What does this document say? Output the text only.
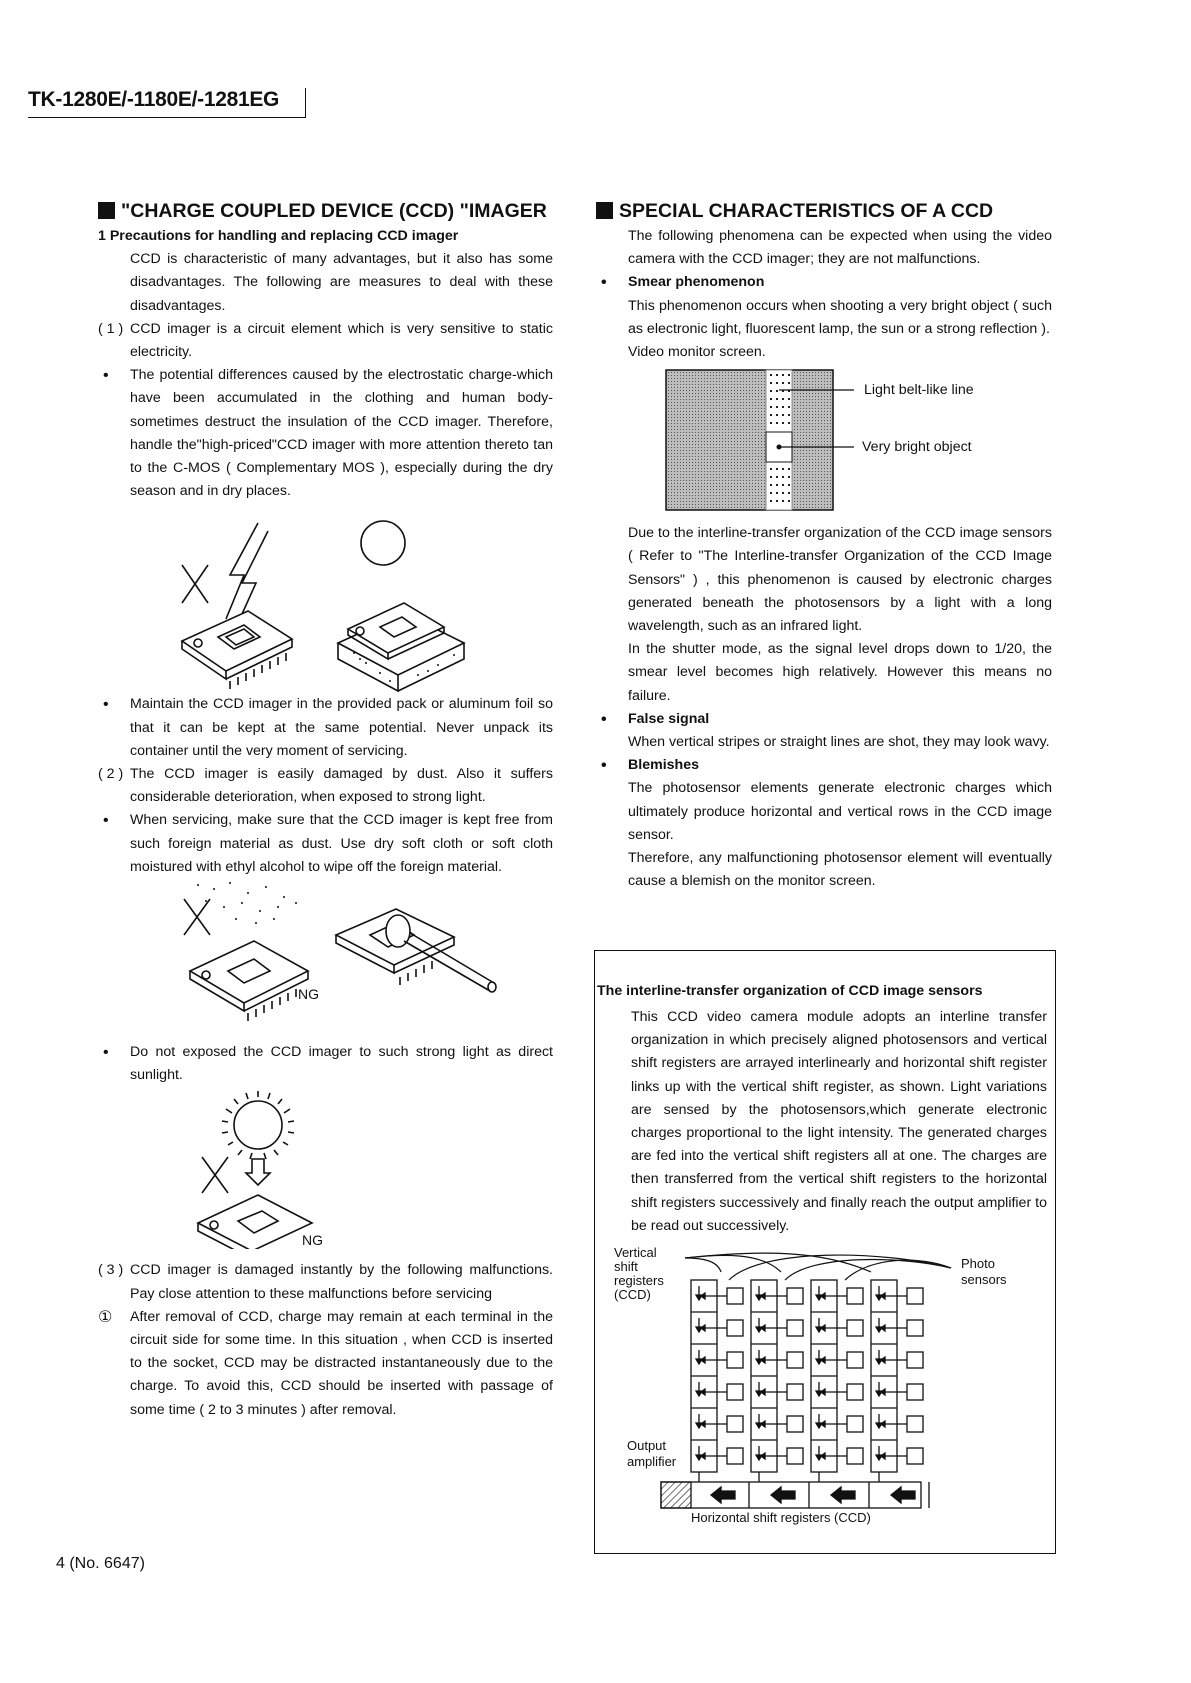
TK-1280E/-1180E/-1281EG
"CHARGE COUPLED DEVICE (CCD) "IMAGER

1 Precautions for handling and replacing CCD imager

CCD is characteristic of many advantages, but it also has some disadvantages. The following are measures to deal with these disadvantages.

( 1 ) CCD imager is a circuit element which is very sensitive to static electricity.

• The potential differences caused by the electrostatic charge-which have been accumulated in the clothing and human body-sometimes destruct the insulation of the CCD imager. Therefore, handle the"high-priced"CCD imager with more attention thereto tan to the C-MOS ( Complementary MOS ), especially during the dry season and in dry places.

• Maintain the CCD imager in the provided pack or aluminum foil so that it can be kept at the same potential. Never unpack its container until the very moment of servicing.

( 2 ) The CCD imager is easily damaged by dust. Also it suffers considerable deterioration, when exposed to strong light.

• When servicing, make sure that the CCD imager is kept free from such foreign material as dust. Use dry soft cloth or soft cloth moistured with ethyl alcohol to wipe off the foreign material.

NG

• Do not exposed the CCD imager to such strong light as direct sunlight.

NG

( 3 ) CCD imager is damaged instantly by the following malfunctions. Pay close attention to these malfunctions before servicing

① After removal of CCD, charge may remain at each terminal in the circuit side for some time. In this situation , when CCD is inserted to the socket, CCD may be distracted instantaneously due to the charge. To avoid this, CCD should be inserted with passage of some time ( 2 to 3 minutes ) after removal.

SPECIAL CHARACTERISTICS OF A CCD

The following phenomena can be expected when using the video camera with the CCD imager; they are not malfunctions.

• Smear phenomenon

This phenomenon occurs when shooting a very bright object ( such as electronic light, fluorescent lamp, the sun or a strong reflection ).

Video monitor screen.

Light belt-like line
Very bright object

Due to the interline-transfer organization of the CCD image sensors ( Refer to "The Interline-transfer Organization of the CCD Image Sensors" ) , this phenomenon is caused by electronic charges generated beneath the photosensors by a light with a long wavelength, such as an infrared light.

In the shutter mode, as the signal level drops down to 1/20, the smear level becomes high relatively. However this means no failure.

• False signal

When vertical stripes or straight lines are shot, they may look wavy.

• Blemishes

The photosensor elements generate electronic charges which ultimately produce horizontal and vertical rows in the CCD image sensor.

Therefore, any malfunctioning photosensor element will eventually cause a blemish on the monitor screen.

The interline-transfer organization of CCD image sensors
This CCD video camera module adopts an interline transfer organization in which precisely aligned photosensors and vertical shift registers are arrayed interlinearly and horizontal shift register links up with the vertical shift register, as shown. Light variations are sensed by the photosensors,which generate electronic charges proportional to the light intensity. The generated charges are fed into the vertical shift registers all at one. The charges are then transferred from the vertical shift registers to the horizontal shift registers successively and finally reach the output amplifier to be read out successively.
Vertical
shift
registers
(CCD)
Photo
sensors
Output
amplifier
Horizontal shift registers (CCD)
4 (No. 6647)
